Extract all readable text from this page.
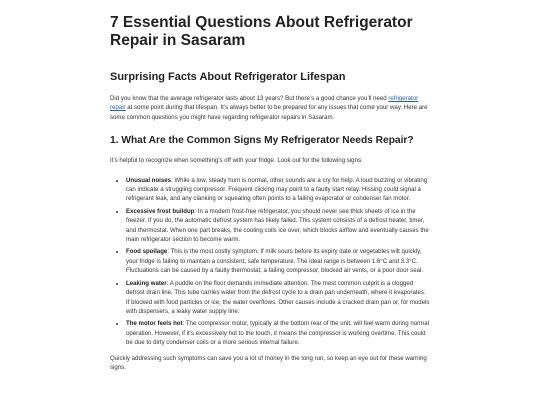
7 Essential Questions About Refrigerator Repair in Sasaram
Surprising Facts About Refrigerator Lifespan

Did you know that the average refrigerator lasts about 13 years? But there’s a good chance you’ll need refrigerator repair at some point during that lifespan. It’s always better to be prepared for any issues that come your way. Here are some common questions you might have regarding refrigerator repairs in Sasaram.

1. What Are the Common Signs My Refrigerator Needs Repair?

It’s helpful to recognize when something’s off with your fridge. Look out for the following signs:

• Unusual noises: While a low, steady hum is normal, other sounds are a cry for help. A loud buzzing or vibrating can indicate a struggling compressor. Frequent clicking may point to a faulty start relay. Hissing could signal a refrigerant leak, and any clanking or squealing often points to a failing evaporator or condenser fan motor.
• Excessive frost buildup: In a modern frost-free refrigerator, you should never see thick sheets of ice in the freezer. If you do, the automatic defrost system has likely failed. This system consists of a defrost heater, timer, and thermostat. When one part breaks, the cooling coils ice over, which blocks airflow and eventually causes the main refrigerator section to become warm.
• Food spoilage: This is the most costly symptom. If milk sours before its expiry date or vegetables wilt quickly, your fridge is failing to maintain a consistent, safe temperature. The ideal range is between 1.6°C and 3.3°C. Fluctuations can be caused by a faulty thermostat, a failing compressor, blocked air vents, or a poor door seal.
• Leaking water: A puddle on the floor demands immediate attention. The most common culprit is a clogged defrost drain line. This tube carries water from the defrost cycle to a drain pan underneath, where it evaporates. If blocked with food particles or ice, the water overflows. Other causes include a cracked drain pan or, for models with dispensers, a leaky water supply line.
• The motor feels hot: The compressor motor, typically at the bottom rear of the unit, will feel warm during normal operation. However, if it’s excessively hot to the touch, it means the compressor is working overtime. This could be due to dirty condenser coils or a more serious internal failure.

Quickly addressing such symptoms can save you a lot of money in the long run, so keep an eye out for these warning signs.
